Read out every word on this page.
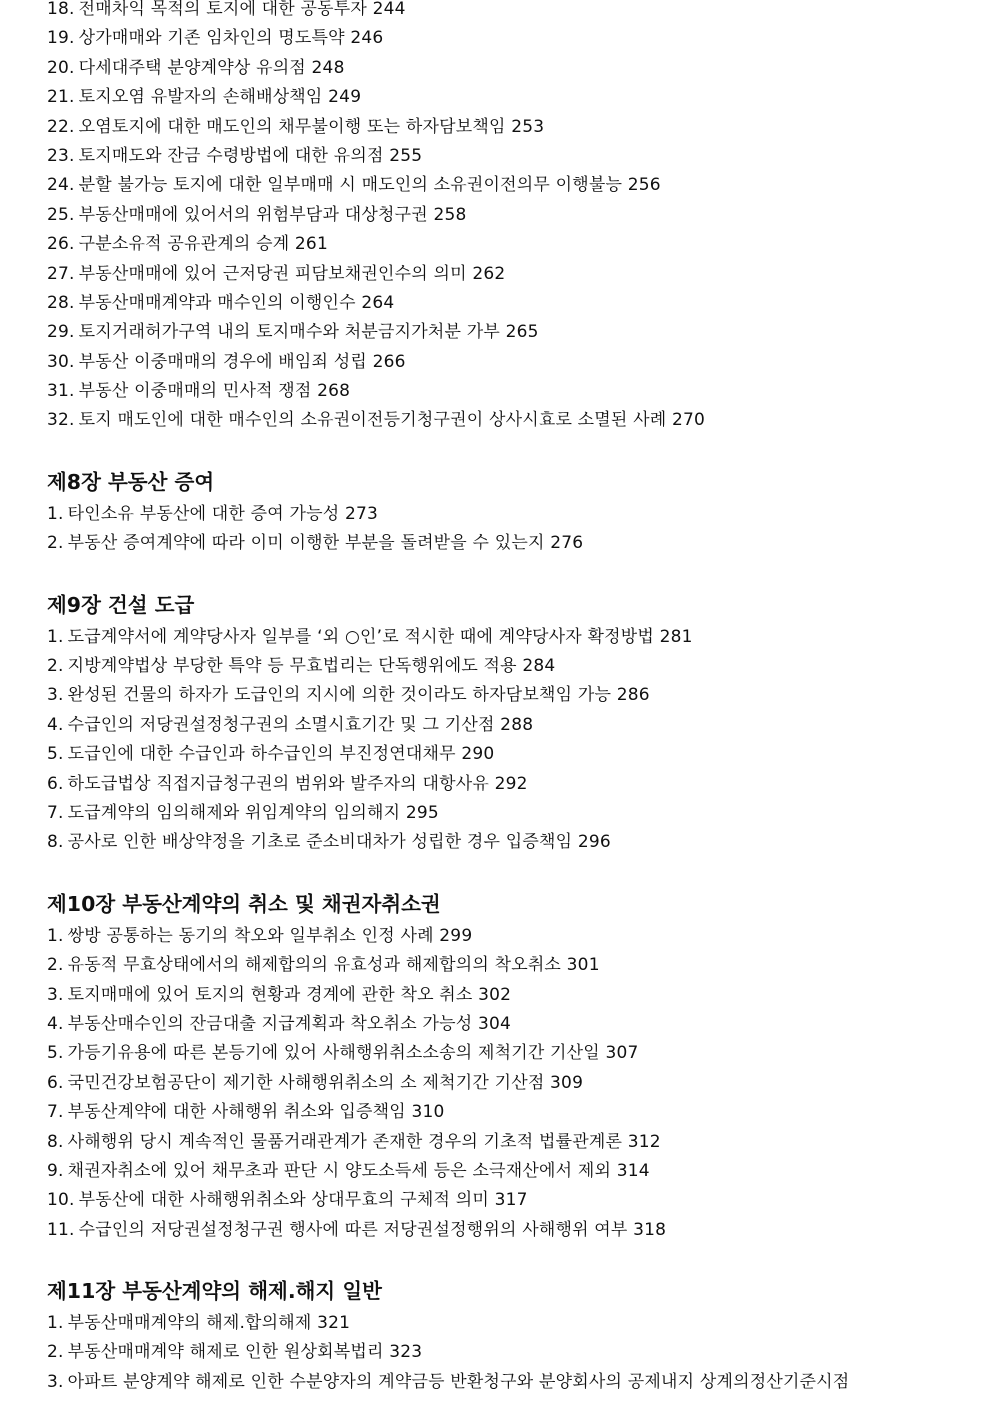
18. 전매차익 목적의 토지에 대한 공동투자 244
19. 상가매매와 기존 임차인의 명도특약 246
20. 다세대주택 분양계약상 유의점 248
21. 토지오염 유발자의 손해배상책임 249
22. 오염토지에 대한 매도인의 채무불이행 또는 하자담보책임 253
23. 토지매도와 잔금 수령방법에 대한 유의점 255
24. 분할 불가능 토지에 대한 일부매매 시 매도인의 소유권이전의무 이행불능 256
25. 부동산매매에 있어서의 위험부담과 대상청구권 258
26. 구분소유적 공유관계의 승계 261
27. 부동산매매에 있어 근저당권 피담보채권인수의 의미 262
28. 부동산매매계약과 매수인의 이행인수 264
29. 토지거래허가구역 내의 토지매수와 처분금지가처분 가부 265
30. 부동산 이중매매의 경우에 배임죄 성립 266
31. 부동산 이중매매의 민사적 쟁점 268
32. 토지 매도인에 대한 매수인의 소유권이전등기청구권이 상사시효로 소멸된 사례 270
제8장 부동산 증여
1. 타인소유 부동산에 대한 증여 가능성 273
2. 부동산 증여계약에 따라 이미 이행한 부분을 돌려받을 수 있는지 276
제9장 건설 도급
1. 도급계약서에 계약당사자 일부를 ‘외 ○인’로 적시한 때에 계약당사자 확정방법 281
2. 지방계약법상 부당한 특약 등 무효법리는 단독행위에도 적용 284
3. 완성된 건물의 하자가 도급인의 지시에 의한 것이라도 하자담보책임 가능 286
4. 수급인의 저당권설정청구권의 소멸시효기간 및 그 기산점 288
5. 도급인에 대한 수급인과 하수급인의 부진정연대채무 290
6. 하도급법상 직접지급청구권의 범위와 발주자의 대항사유 292
7. 도급계약의 임의해제와 위임계약의 임의해지 295
8. 공사로 인한 배상약정을 기초로 준소비대차가 성립한 경우 입증책임 296
제10장 부동산계약의 취소 및 채권자취소권
1. 쌍방 공통하는 동기의 착오와 일부취소 인정 사례 299
2. 유동적 무효상태에서의 해제합의의 유효성과 해제합의의 착오취소 301
3. 토지매매에 있어 토지의 현황과 경계에 관한 착오 취소 302
4. 부동산매수인의 잔금대출 지급계획과 착오취소 가능성 304
5. 가등기유용에 따른 본등기에 있어 사해행위취소소송의 제척기간 기산일 307
6. 국민건강보험공단이 제기한 사해행위취소의 소 제척기간 기산점 309
7. 부동산계약에 대한 사해행위 취소와 입증책임 310
8. 사해행위 당시 계속적인 물품거래관계가 존재한 경우의 기초적 법률관계론 312
9. 채권자취소에 있어 채무초과 판단 시 양도소득세 등은 소극재산에서 제외 314
10. 부동산에 대한 사해행위취소와 상대무효의 구체적 의미 317
11. 수급인의 저당권설정청구권 행사에 따른 저당권설정행위의 사해행위 여부 318
제11장 부동산계약의 해제.해지 일반
1. 부동산매매계약의 해제.합의해제 321
2. 부동산매매계약 해제로 인한 원상회복법리 323
3. 아파트 분양계약 해제로 인한 수분양자의 계약금등 반환청구와 분양회사의 공제내지 상계의정산기준시점
